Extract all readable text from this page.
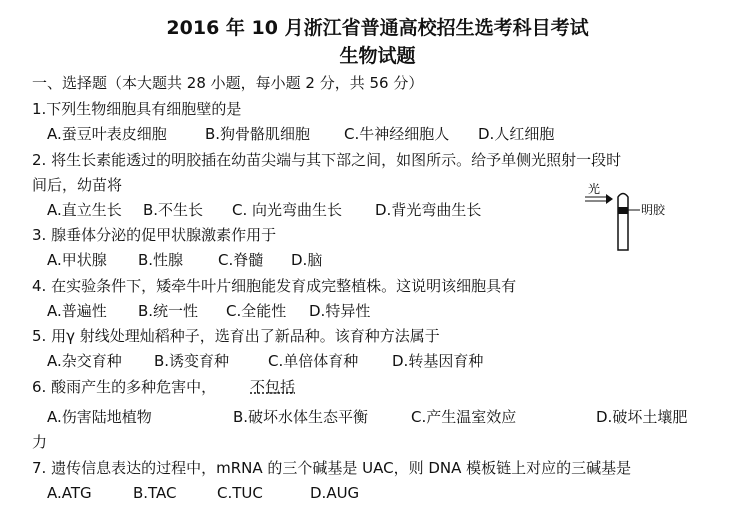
2016 年 10 月浙江省普通高校招生选考科目考试
生物试题
一、选择题（本大题共 28 小题，每小题 2 分，共 56 分）
1.下列生物细胞具有细胞壁的是
A.蚕豆叶表皮细胞	B.狗骨骼肌细胞 C.牛神经细胞人 D.人红细胞
2. 将生长素能透过的明胶插在幼苗尖端与其下部之间，如图所示。给予单侧光照射一段时
间后，幼苗将
A.直立生长 B.不生长 C. 向光弯曲生长 D.背光弯曲生长
光
明胶
3. 腺垂体分泌的促甲状腺激素作用于
A.甲状腺 B.性腺 C.脊髓 D.脑
4. 在实验条件下，矮牵牛叶片细胞能发育成完整植株。这说明该细胞具有
A.普遍性 B.统一性 C.全能性 D.特异性
5. 用γ 射线处理灿稻种子，选育出了新品种。该育种方法属于
A.杂交育种 B.诱变育种	C.单倍体育种 D.转基因育种
6. 酸雨产生的多种危害中， 不包括
A.伤害陆地植物	B.破坏水体生态平衡	C.产生温室效应	D.破坏土壤肥
力
7. 遗传信息表达的过程中，mRNA 的三个碱基是 UAC，则 DNA 模板链上对应的三碱基是
A.ATG	B.TAC	C.TUC	D.AUG
